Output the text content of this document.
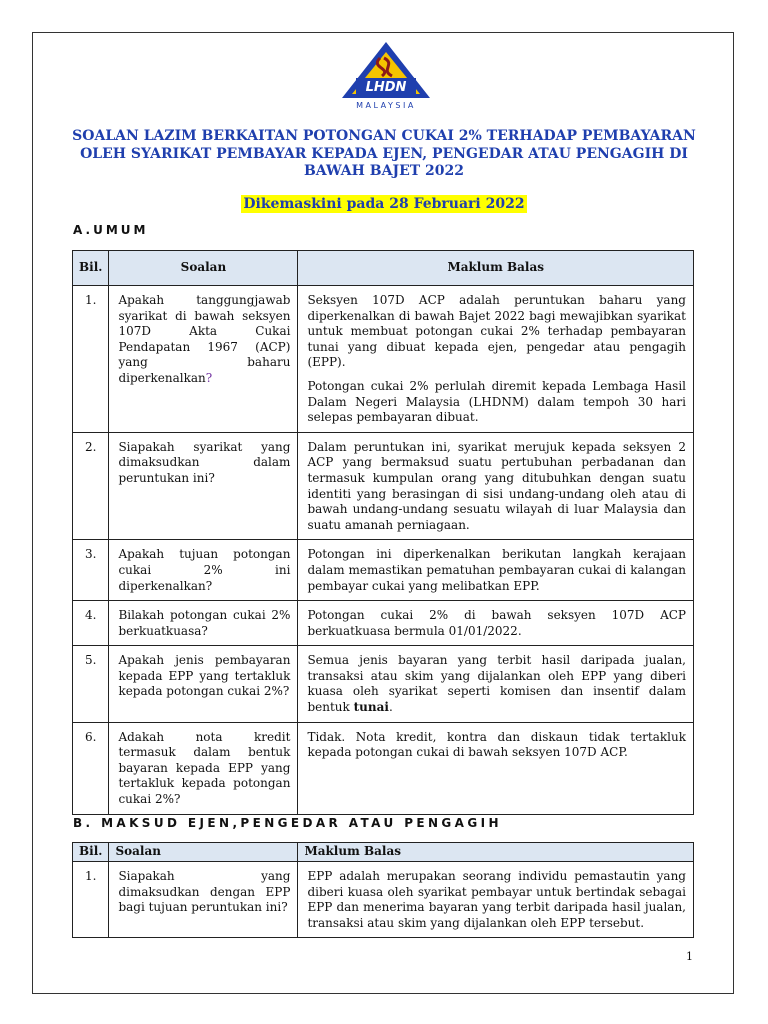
LHDN
MALAYSIA
SOALAN LAZIM BERKAITAN POTONGAN CUKAI 2% TERHADAP PEMBAYARAN OLEH SYARIKAT PEMBAYAR KEPADA EJEN, PENGEDAR ATAU PENGAGIH DI BAWAH BAJET 2022
Dikemaskini pada 28 Februari 2022
A.UMUM
Bil.	Soalan	Maklum Balas
1.	Apakah tanggungjawab syarikat di bawah seksyen 107D Akta Cukai Pendapatan 1967 (ACP) yang baharu diperkenalkan?	Seksyen 107D ACP adalah peruntukan baharu yang diperkenalkan di bawah Bajet 2022 bagi mewajibkan syarikat untuk membuat potongan cukai 2% terhadap pembayaran tunai yang dibuat kepada ejen, pengedar atau pengagih (EPP).

Potongan cukai 2% perlulah diremit kepada Lembaga Hasil Dalam Negeri Malaysia (LHDNM) dalam tempoh 30 hari selepas pembayaran dibuat.

2.	Siapakah syarikat yang dimaksudkan dalam peruntukan ini?	Dalam peruntukan ini, syarikat merujuk kepada seksyen 2 ACP yang bermaksud suatu pertubuhan perbadanan dan termasuk kumpulan orang yang ditubuhkan dengan suatu identiti yang berasingan di sisi undang-undang oleh atau di bawah undang-undang sesuatu wilayah di luar Malaysia dan suatu amanah perniagaan.
3.	Apakah tujuan potongan cukai 2% ini diperkenalkan?	Potongan ini diperkenalkan berikutan langkah kerajaan dalam memastikan pematuhan pembayaran cukai di kalangan pembayar cukai yang melibatkan EPP.
4.	Bilakah potongan cukai 2% berkuatkuasa?	Potongan cukai 2% di bawah seksyen 107D ACP berkuatkuasa bermula 01/01/2022.
5.	Apakah jenis pembayaran kepada EPP yang tertakluk kepada potongan cukai 2%?	Semua jenis bayaran yang terbit hasil daripada jualan, transaksi atau skim yang dijalankan oleh EPP yang diberi kuasa oleh syarikat seperti komisen dan insentif dalam bentuk tunai.
6.	Adakah nota kredit termasuk dalam bentuk bayaran kepada EPP yang tertakluk kepada potongan cukai 2%?	Tidak. Nota kredit, kontra dan diskaun tidak tertakluk kepada potongan cukai di bawah seksyen 107D ACP.
B. MAKSUD EJEN,PENGEDAR ATAU PENGAGIH
Bil.	Soalan	Maklum Balas
1.	Siapakah yang dimaksudkan dengan EPP bagi tujuan peruntukan ini?	EPP adalah merupakan seorang individu pemastautin yang diberi kuasa oleh syarikat pembayar untuk bertindak sebagai EPP dan menerima bayaran yang terbit daripada hasil jualan, transaksi atau skim yang dijalankan oleh EPP tersebut.
1
